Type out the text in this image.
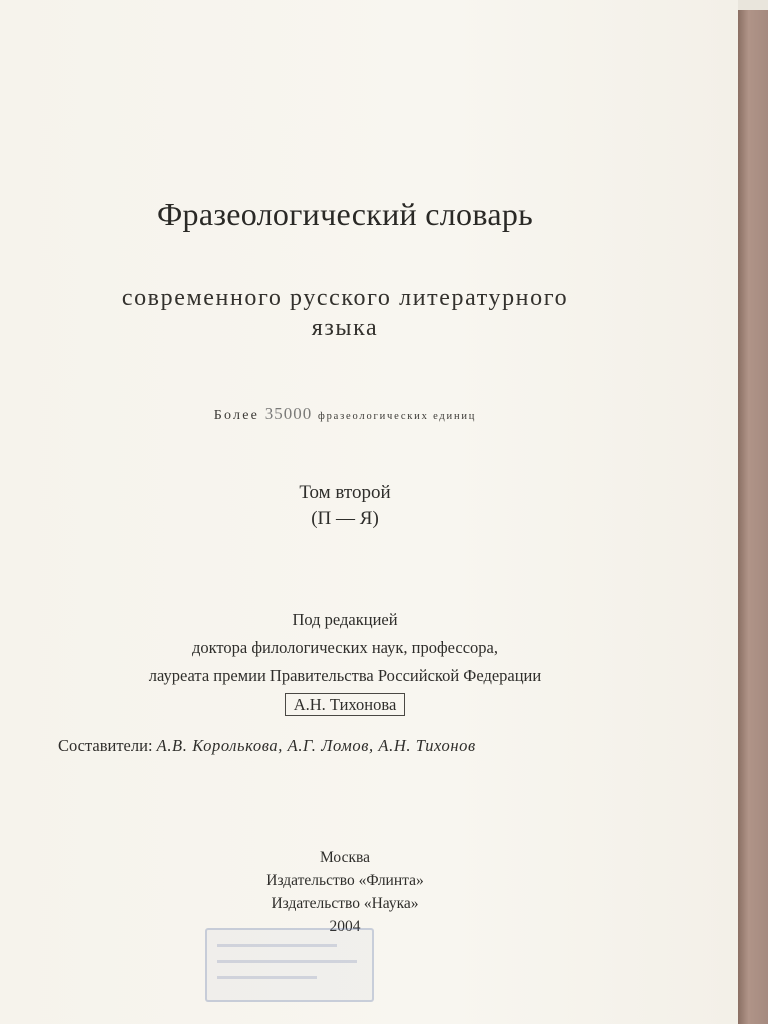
Фразеологический словарь
современного русского литературного
языка
Более 35000 фразеологических единиц
Том второй
(П — Я)
Под редакцией
доктора филологических наук, профессора,
лауреата премии Правительства Российской Федерации
А.Н. Тихонова
Составители: А.В. Королькова, А.Г. Ломов, А.Н. Тихонов
Москва
Издательство «Флинта»
Издательство «Наука»
2004
